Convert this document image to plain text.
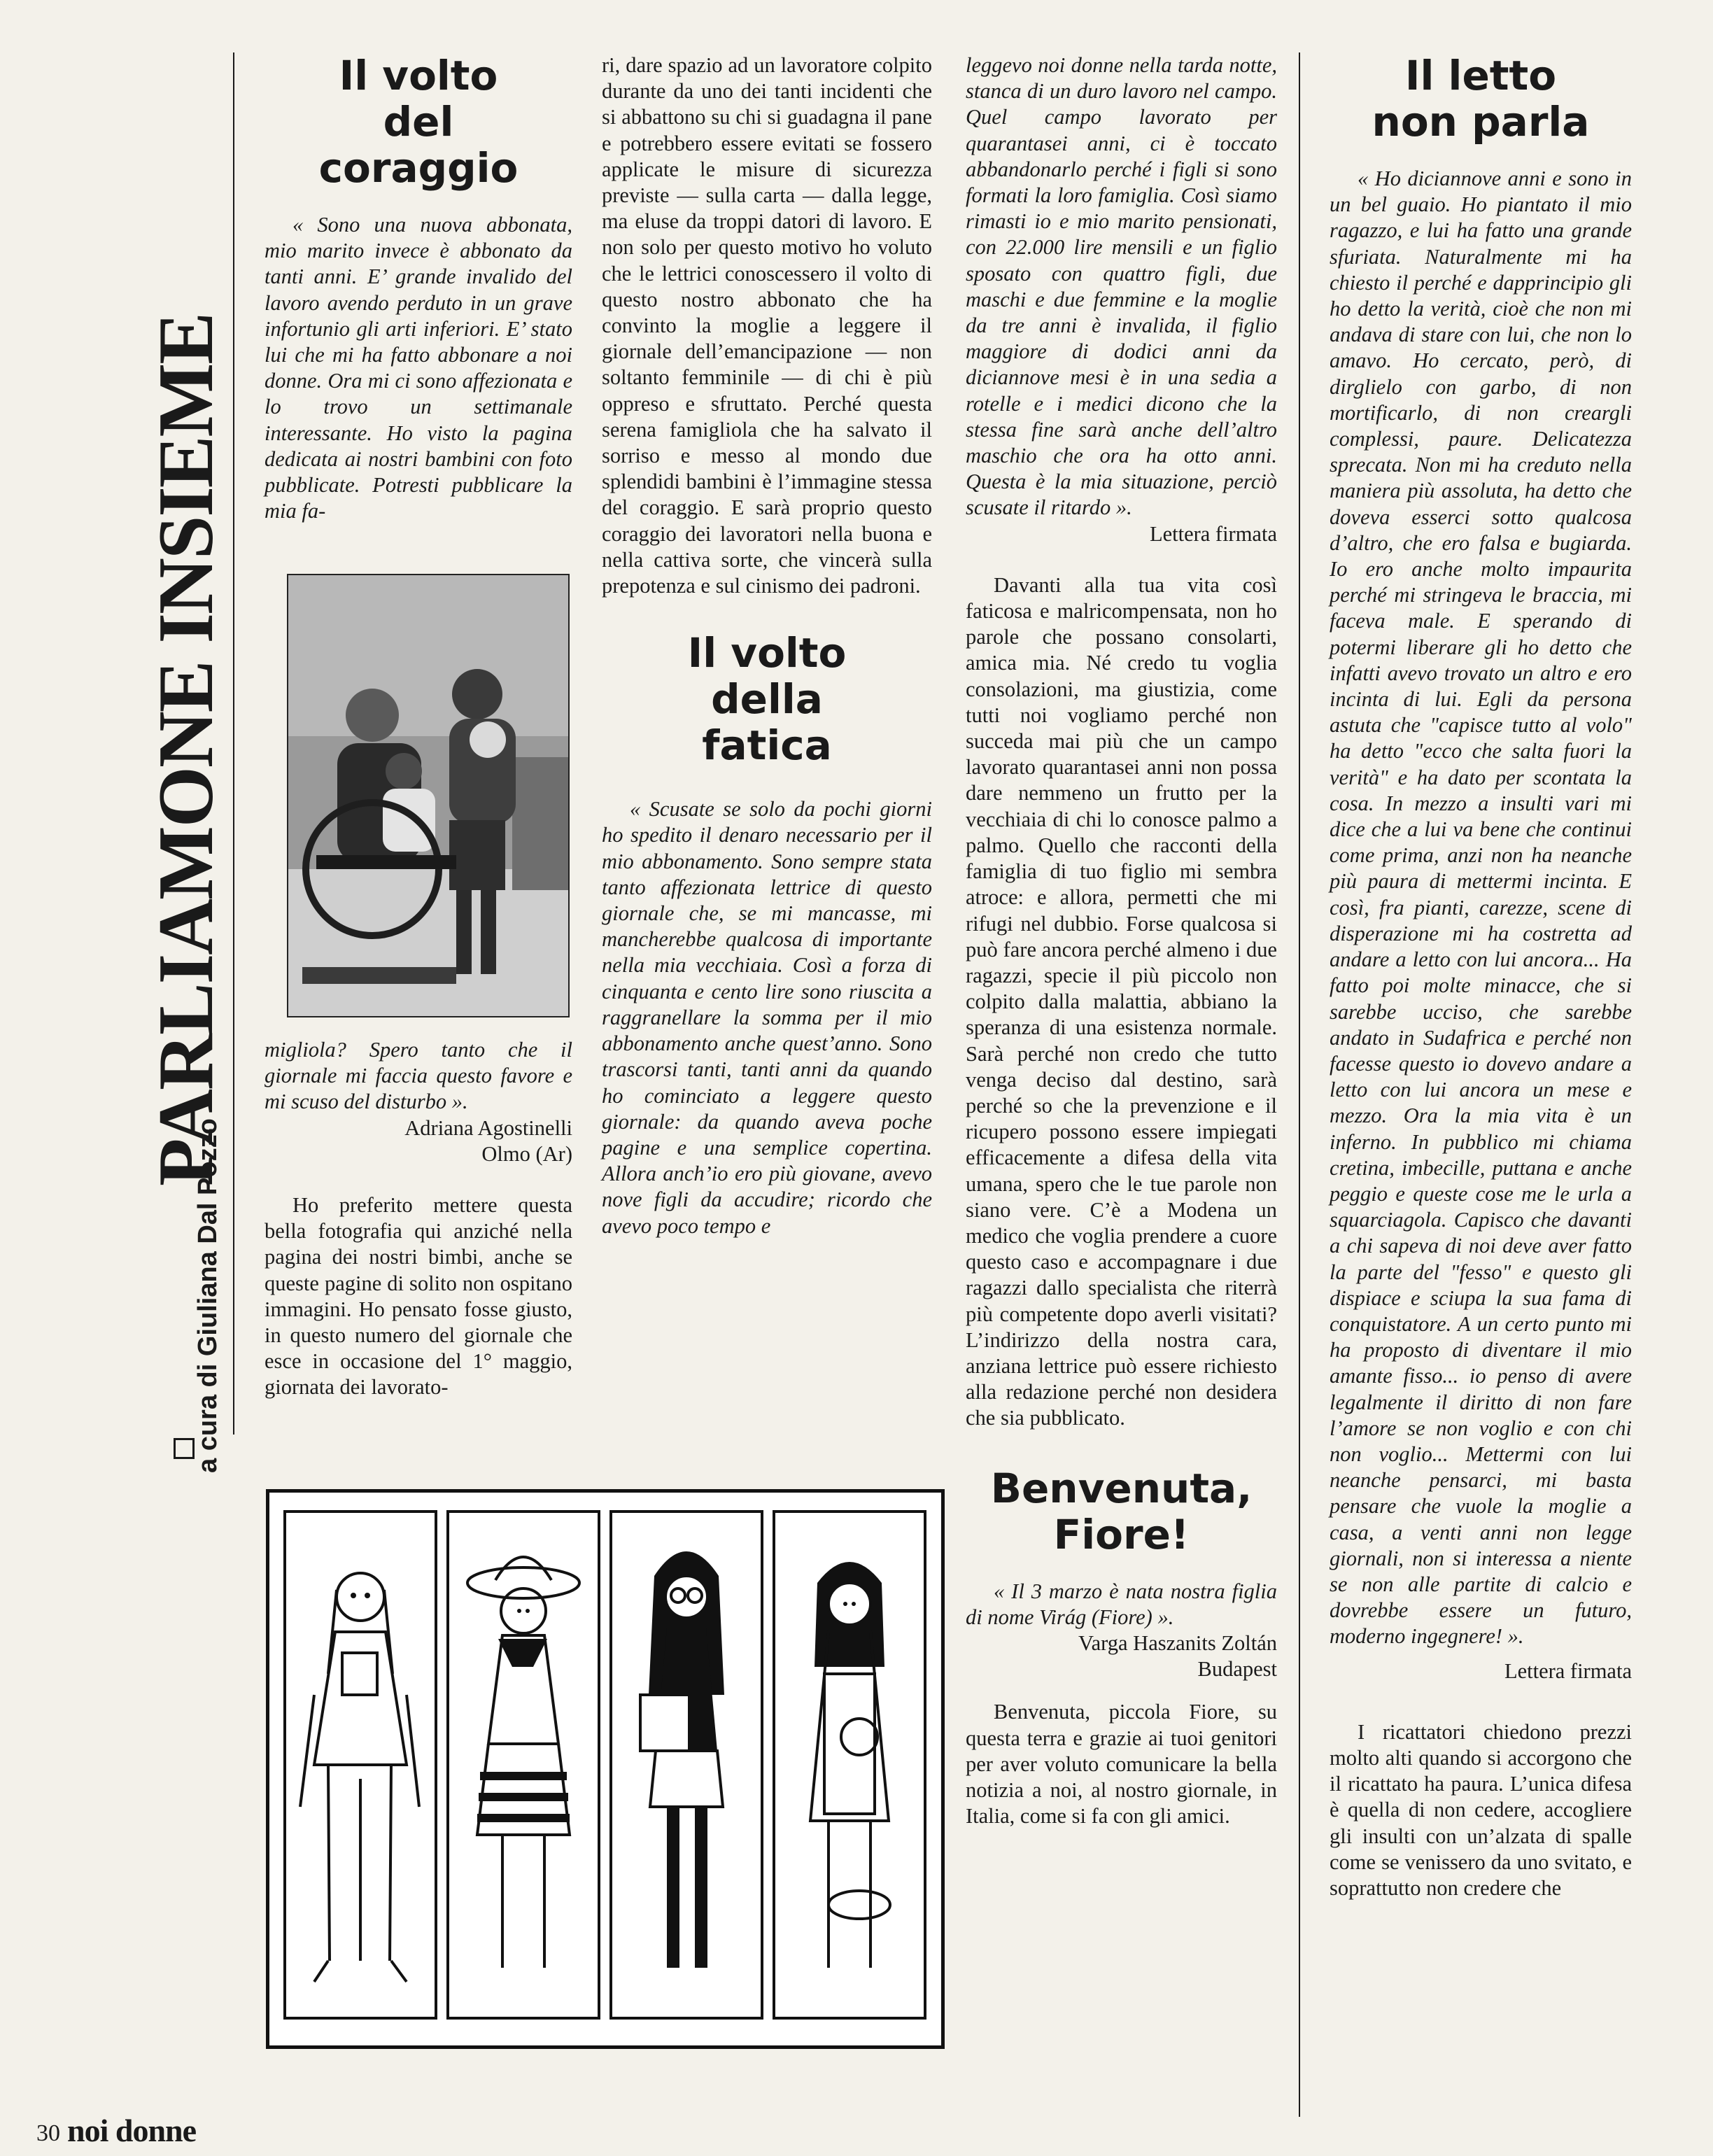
PARLIAMONE INSIEME
a cura di Giuliana Dal Pozzo
Il volto
del
coraggio

« Sono una nuova abbonata, mio marito invece è abbonato da tanti anni. E’ grande invalido del lavoro avendo perduto in un grave infortunio gli arti inferiori. E’ stato lui che mi ha fatto abbonare a noi donne. Ora mi ci sono affezionata e lo trovo un settimanale interessante. Ho visto la pagina dedicata ai nostri bambini con foto pubblicate. Potresti pubblicare la mia fa-

migliola? Spero tanto che il giornale mi faccia questo favore e mi scuso del disturbo ».

Adriana Agostinelli
Olmo (Ar)

Ho preferito mettere questa bella fotografia qui anziché nella pagina dei nostri bimbi, anche se queste pagine di solito non ospitano immagini. Ho pensato fosse giusto, in questo numero del giornale che esce in occasione del 1° maggio, giornata dei lavorato-

ri, dare spazio ad un lavoratore colpito durante da uno dei tanti incidenti che si abbattono su chi si guadagna il pane e potrebbero essere evitati se fossero applicate le misure di sicurezza previste — sulla carta — dalla legge, ma eluse da troppi datori di lavoro. E non solo per questo motivo ho voluto che le lettrici conoscessero il volto di questo nostro abbonato che ha convinto la moglie a leggere il giornale dell’emancipazione — non soltanto femminile — di chi è più oppreso e sfruttato. Perché questa serena famigliola che ha salvato il sorriso e messo al mondo due splendidi bambini è l’immagine stessa del coraggio. E sarà proprio questo coraggio dei lavoratori nella buona e nella cattiva sorte, che vincerà sulla prepotenza e sul cinismo dei padroni.

Il volto
della
fatica

« Scusate se solo da pochi giorni ho spedito il denaro necessario per il mio abbonamento. Sono sempre stata tanto affezionata lettrice di questo giornale che, se mi mancasse, mi mancherebbe qualcosa di importante nella mia vecchiaia. Così a forza di cinquanta e cento lire sono riuscita a raggranellare la somma per il mio abbonamento anche quest’anno. Sono trascorsi tanti, tanti anni da quando ho cominciato a leggere questo giornale: da quando aveva poche pagine e una semplice copertina. Allora anch’io ero più giovane, avevo nove figli da accudire; ricordo che avevo poco tempo e

leggevo noi donne nella tarda notte, stanca di un duro lavoro nel campo. Quel campo lavorato per quarantasei anni, ci è toccato abbandonarlo perché i figli si sono formati la loro famiglia. Così siamo rimasti io e mio marito pensionati, con 22.000 lire mensili e un figlio sposato con quattro figli, due maschi e due femmine e la moglie da tre anni è invalida, il figlio maggiore di dodici anni da diciannove mesi è in una sedia a rotelle e i medici dicono che la stessa fine sarà anche dell’altro maschio che ora ha otto anni. Questa è la mia situazione, perciò scusate il ritardo ».

Lettera firmata

Davanti alla tua vita così faticosa e malricompensata, non ho parole che possano consolarti, amica mia. Né credo tu voglia consolazioni, ma giustizia, come tutti noi vogliamo perché non succeda mai più che un campo lavorato quarantasei anni non possa dare nemmeno un frutto per la vecchiaia di chi lo conosce palmo a palmo. Quello che racconti della famiglia di tuo figlio mi sembra atroce: e allora, permetti che mi rifugi nel dubbio. Forse qualcosa si può fare ancora perché almeno i due ragazzi, specie il più piccolo non colpito dalla malattia, abbiano la speranza di una esistenza normale. Sarà perché non credo che tutto venga deciso dal destino, sarà perché so che la prevenzione e il ricupero possono essere impiegati efficacemente a difesa della vita umana, spero che le tue parole non siano vere. C’è a Modena un medico che voglia prendere a cuore questo caso e accompagnare i due ragazzi dallo specialista che riterrà più competente dopo averli visitati? L’indirizzo della nostra cara, anziana lettrice può essere richiesto alla redazione perché non desidera che sia pubblicato.

Benvenuta,
Fiore!

« Il 3 marzo è nata nostra figlia di nome Virág (Fiore) ».

Varga Haszanits Zoltán
Budapest

Benvenuta, piccola Fiore, su questa terra e grazie ai tuoi genitori per aver voluto comunicare la bella notizia a noi, al nostro giornale, in Italia, come si fa con gli amici.

Il letto
non parla

« Ho diciannove anni e sono in un bel guaio. Ho piantato il mio ragazzo, e lui ha fatto una grande sfuriata. Naturalmente mi ha chiesto il perché e dapprincipio gli ho detto la verità, cioè che non mi andava di stare con lui, che non lo amavo. Ho cercato, però, di dirglielo con garbo, di non mortificarlo, di non creargli complessi, paure. Delicatezza sprecata. Non mi ha creduto nella maniera più assoluta, ha detto che doveva esserci sotto qualcosa d’altro, che ero falsa e bugiarda. Io ero anche molto impaurita perché mi stringeva le braccia, mi faceva male. E sperando di potermi liberare gli ho detto che infatti avevo trovato un altro e ero incinta di lui. Egli da persona astuta che "capisce tutto al volo" ha detto "ecco che salta fuori la verità" e ha dato per scontata la cosa. In mezzo a insulti vari mi dice che a lui va bene che continui come prima, anzi non ha neanche più paura di mettermi incinta. E così, fra pianti, carezze, scene di disperazione mi ha costretta ad andare a letto con lui ancora... Ha fatto poi molte minacce, che si sarebbe ucciso, che sarebbe andato in Sudafrica e perché non facesse questo io dovevo andare a letto con lui ancora un mese e mezzo. Ora la mia vita è un inferno. In pubblico mi chiama cretina, imbecille, puttana e anche peggio e queste cose me le urla a squarciagola. Capisco che davanti a chi sapeva di noi deve aver fatto la parte del "fesso" e questo gli dispiace e sciupa la sua fama di conquistatore. A un certo punto mi ha proposto di diventare il mio amante fisso... io penso di avere legalmente il diritto di non fare l’amore se non voglio e con chi non voglio... Mettermi con lui neanche pensarci, mi basta pensare che vuole la moglie a casa, a venti anni non legge giornali, non si interessa a niente se non alle partite di calcio e dovrebbe essere un futuro, moderno ingegnere! ».

Lettera firmata

I ricattatori chiedono prezzi molto alti quando si accorgono che il ricattato ha paura. L’unica difesa è quella di non cedere, accogliere gli insulti con un’alzata di spalle come se venissero da uno svitato, e soprattutto non credere che

30 noi donne
